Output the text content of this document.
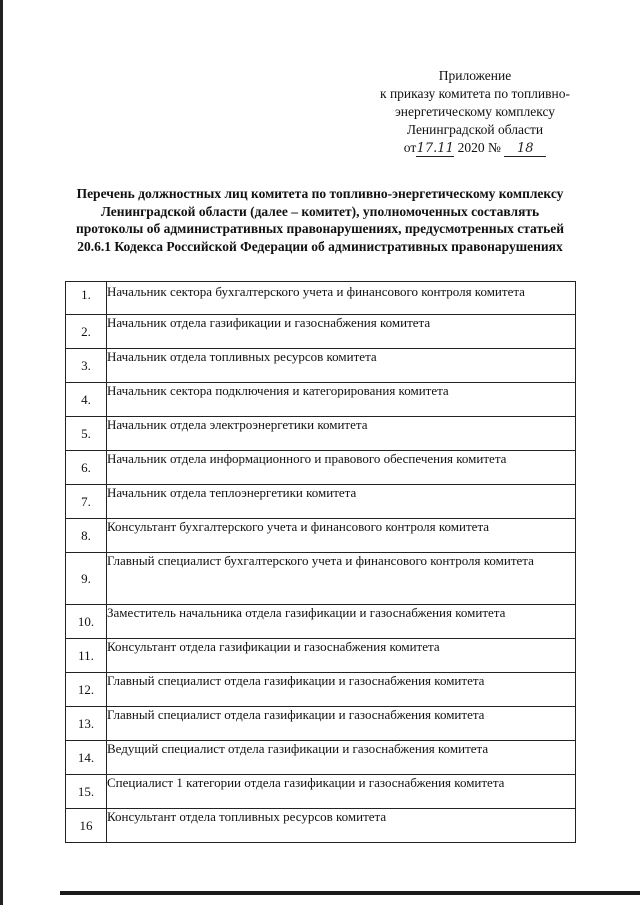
Приложение
к приказу комитета по топливно-
энергетическому комплексу
Ленинградской области
от17.11 2020 № 18
Перечень должностных лиц комитета по топливно-энергетическому комплексу
Ленинградской области (далее – комитет), уполномоченных составлять
протоколы об административных правонарушениях, предусмотренных статьей
20.6.1 Кодекса Российской Федерации об административных правонарушениях
1.	Начальник сектора бухгалтерского учета и финансового контроля комитета
2.	Начальник отдела газификации и газоснабжения комитета
3.	Начальник отдела топливных ресурсов комитета
4.	Начальник сектора подключения и категорирования комитета
5.	Начальник отдела электроэнергетики комитета
6.	Начальник отдела информационного и правового обеспечения комитета
7.	Начальник отдела теплоэнергетики комитета
8.	Консультант бухгалтерского учета и финансового контроля комитета
9.	Главный специалист бухгалтерского учета и финансового контроля комитета
10.	Заместитель начальника отдела газификации и газоснабжения комитета
11.	Консультант отдела газификации и газоснабжения комитета
12.	Главный специалист отдела газификации и газоснабжения комитета
13.	Главный специалист отдела газификации и газоснабжения комитета
14.	Ведущий специалист отдела газификации и газоснабжения комитета
15.	Специалист 1 категории отдела газификации и газоснабжения комитета
16	Консультант отдела топливных ресурсов комитета
